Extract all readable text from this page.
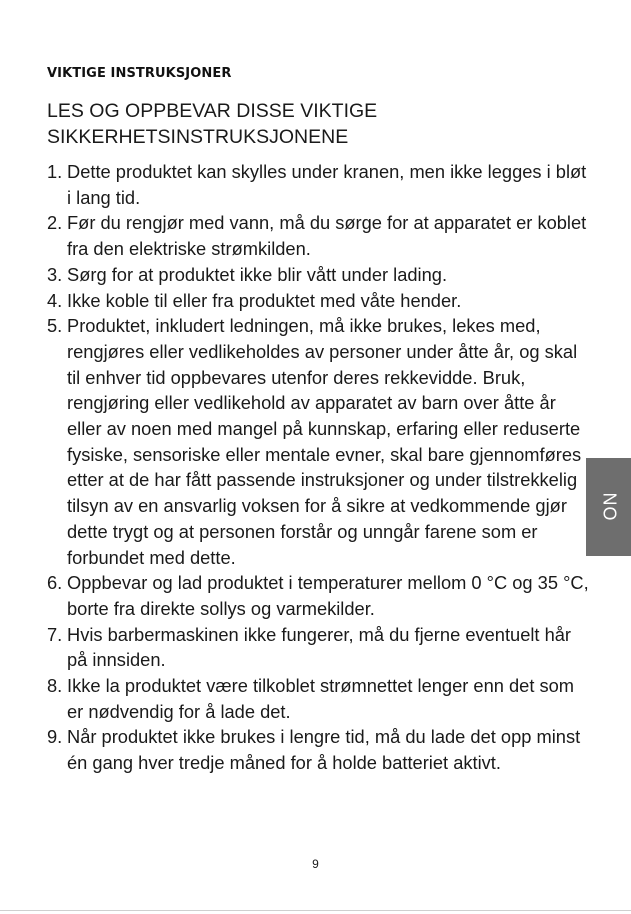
VIKTIGE INSTRUKSJONER
LES OG OPPBEVAR DISSE VIKTIGE
SIKKERHETSINSTRUKSJONENE
1. Dette produktet kan skylles under kranen, men ikke legges i bløt i lang tid.
2. Før du rengjør med vann, må du sørge for at apparatet er koblet fra den elektriske strømkilden.
3. Sørg for at produktet ikke blir vått under lading.
4. Ikke koble til eller fra produktet med våte hender.
5. Produktet, inkludert ledningen, må ikke brukes, lekes med, rengjøres eller vedlikeholdes av personer under åtte år, og skal til enhver tid oppbevares utenfor deres rekkevidde. Bruk, rengjøring eller vedlikehold av apparatet av barn over åtte år eller av noen med mangel på kunnskap, erfaring eller reduserte fysiske, sensoriske eller mentale evner, skal bare gjennomføres etter at de har fått passende instruksjoner og under tilstrekkelig tilsyn av en ansvarlig voksen for å sikre at vedkommende gjør dette trygt og at personen forstår og unngår farene som er forbundet med dette.
6. Oppbevar og lad produktet i temperaturer mellom 0 °C og 35 °C, borte fra direkte sollys og varmekilder.
7. Hvis barbermaskinen ikke fungerer, må du fjerne eventuelt hår på innsiden.
8. Ikke la produktet være tilkoblet strømnettet lenger enn det som er nødvendig for å lade det.
9. Når produktet ikke brukes i lengre tid, må du lade det opp minst én gang hver tredje måned for å holde batteriet aktivt.
NO
9
